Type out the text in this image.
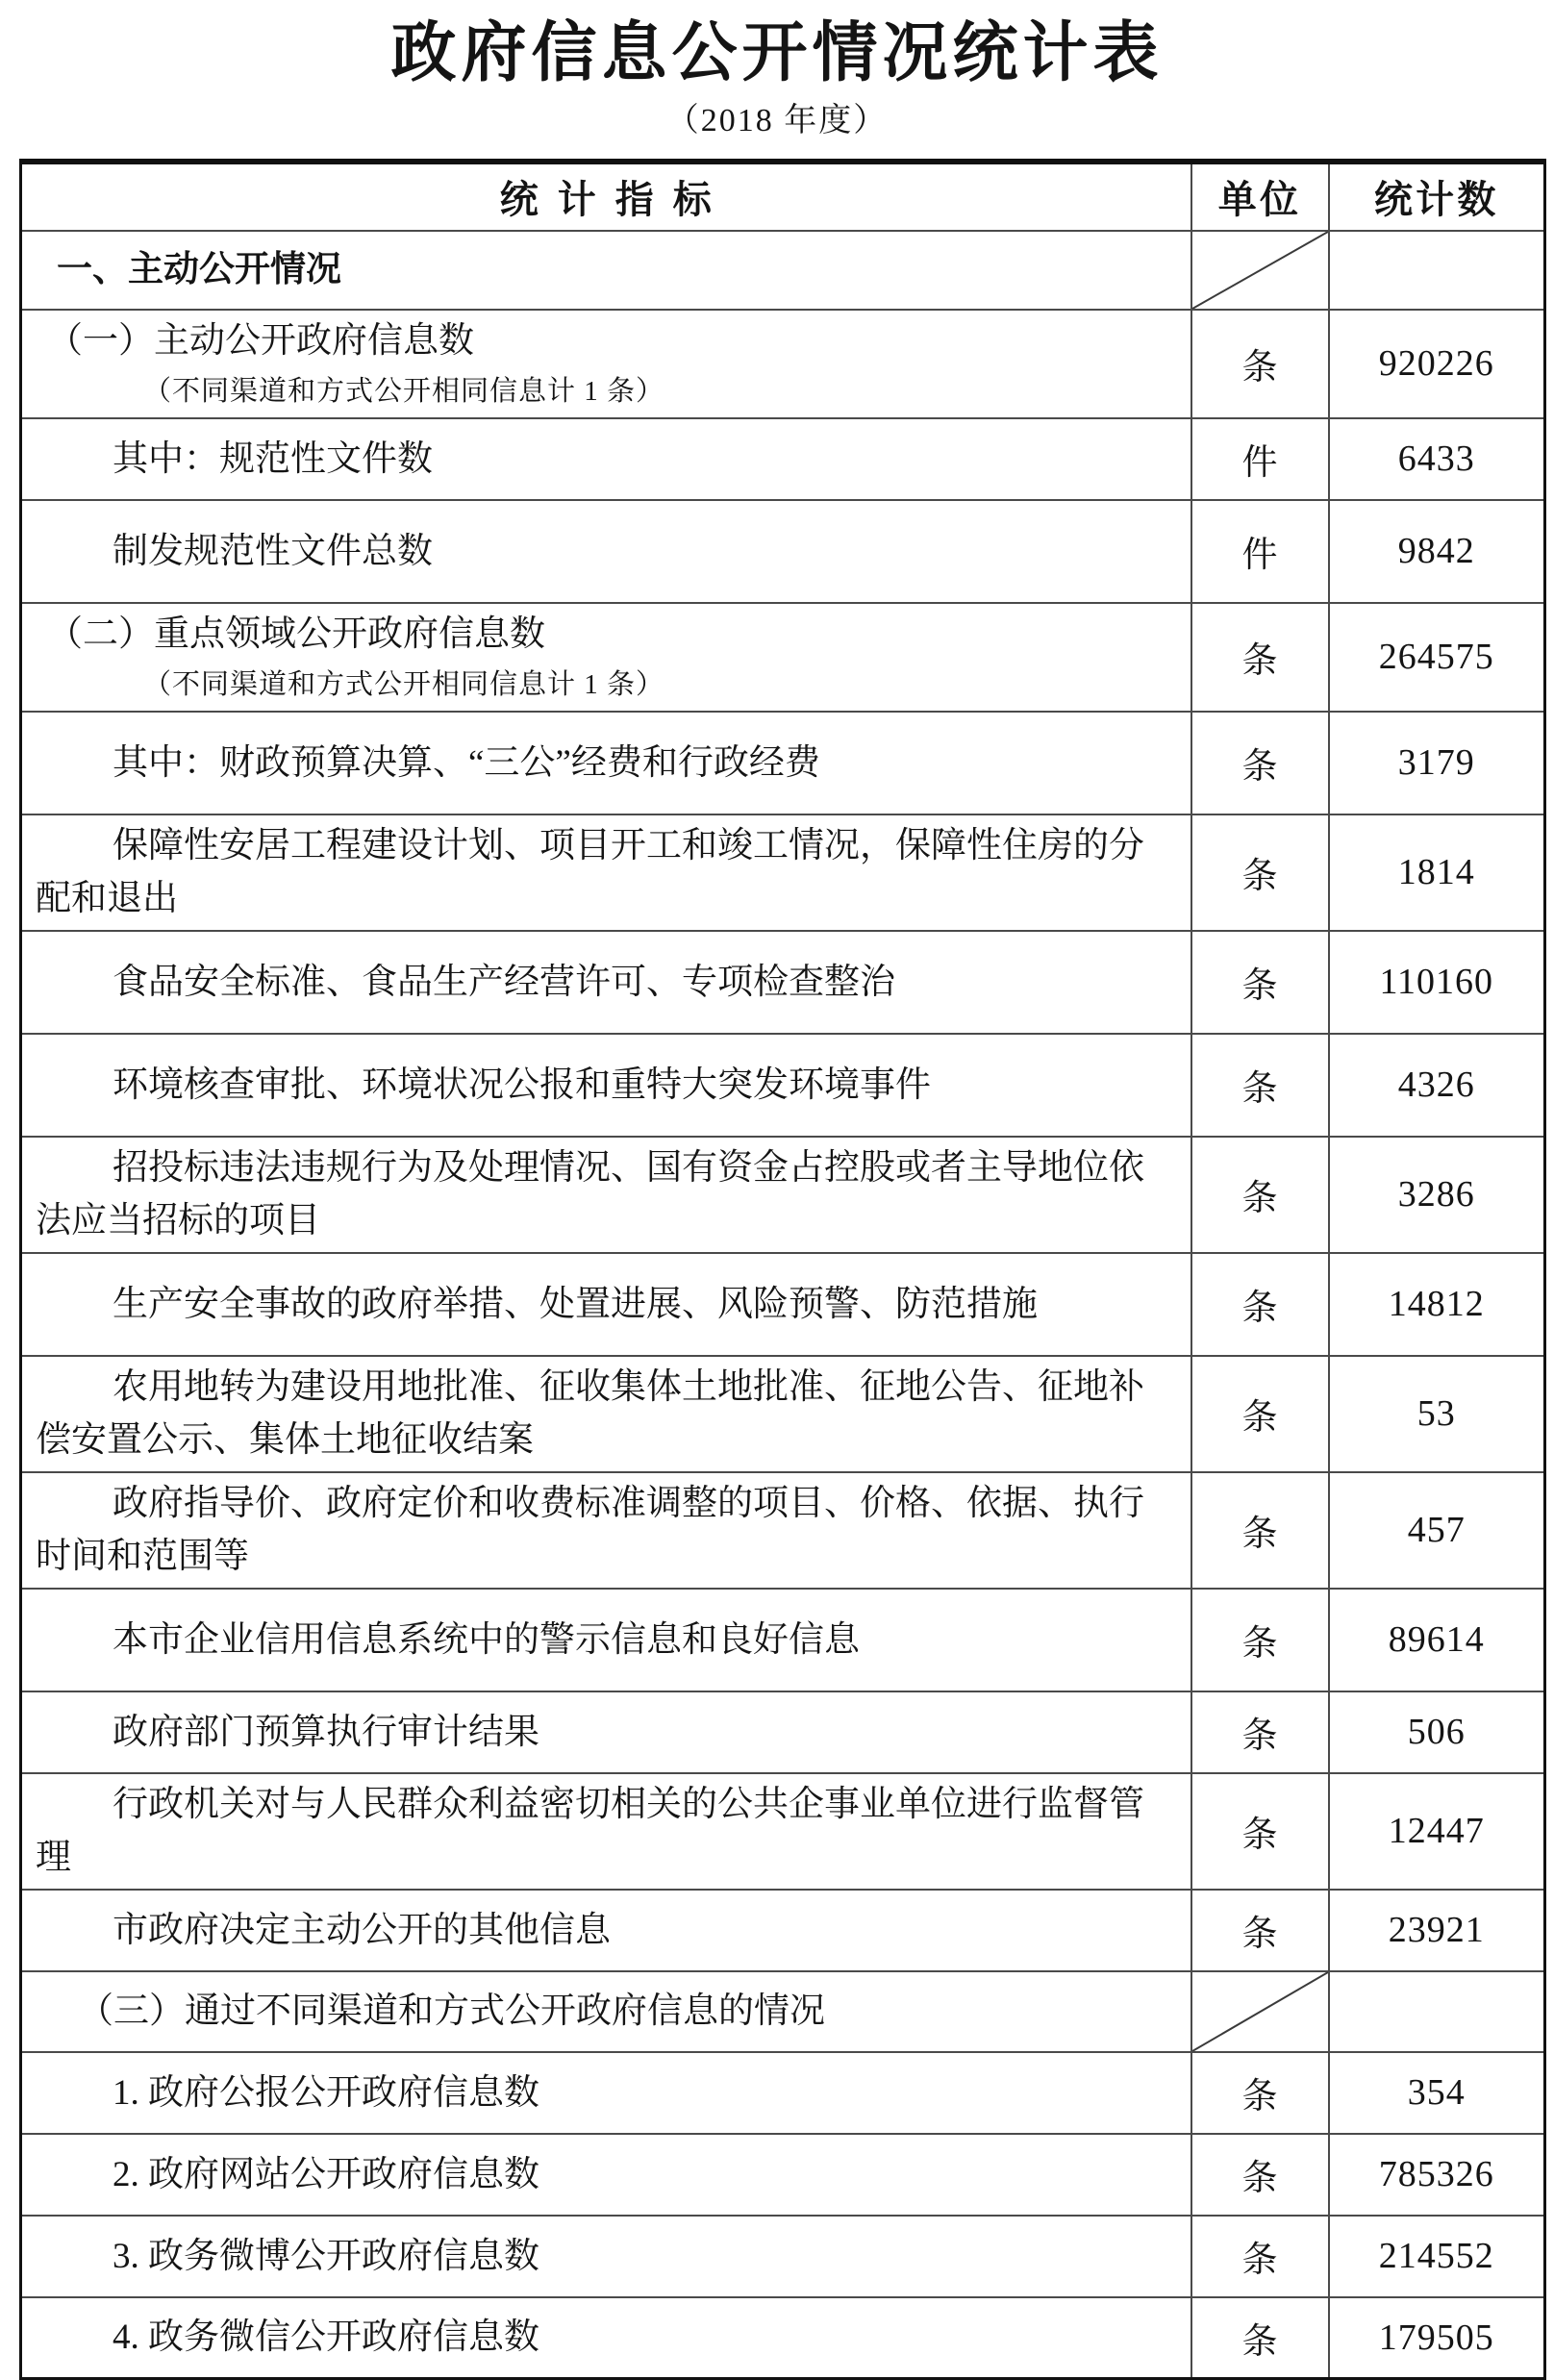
政府信息公开情况统计表
（2018 年度）
统计指标	单位	统计数

一、主动公开情况

（一）主动公开政府信息数
（不同渠道和方式公开相同信息计 1 条）	条	920226

其中：规范性文件数	件	6433

制发规范性文件总数	件	9842

（二）重点领域公开政府信息数
（不同渠道和方式公开相同信息计 1 条）	条	264575

其中：财政预算决算、“三公”经费和行政经费	条	3179

保障性安居工程建设计划、项目开工和竣工情况，保障性住房的分配和退出	条	1814

食品安全标准、食品生产经营许可、专项检查整治	条	110160

环境核查审批、环境状况公报和重特大突发环境事件	条	4326

招投标违法违规行为及处理情况、国有资金占控股或者主导地位依法应当招标的项目	条	3286

生产安全事故的政府举措、处置进展、风险预警、防范措施	条	14812

农用地转为建设用地批准、征收集体土地批准、征地公告、征地补偿安置公示、集体土地征收结案	条	53

政府指导价、政府定价和收费标准调整的项目、价格、依据、执行时间和范围等	条	457

本市企业信用信息系统中的警示信息和良好信息	条	89614

政府部门预算执行审计结果	条	506

行政机关对与人民群众利益密切相关的公共企事业单位进行监督管理	条	12447

市政府决定主动公开的其他信息	条	23921

（三）通过不同渠道和方式公开政府信息的情况

1. 政府公报公开政府信息数	条	354

2. 政府网站公开政府信息数	条	785326

3. 政务微博公开政府信息数	条	214552

4. 政务微信公开政府信息数	条	179505
